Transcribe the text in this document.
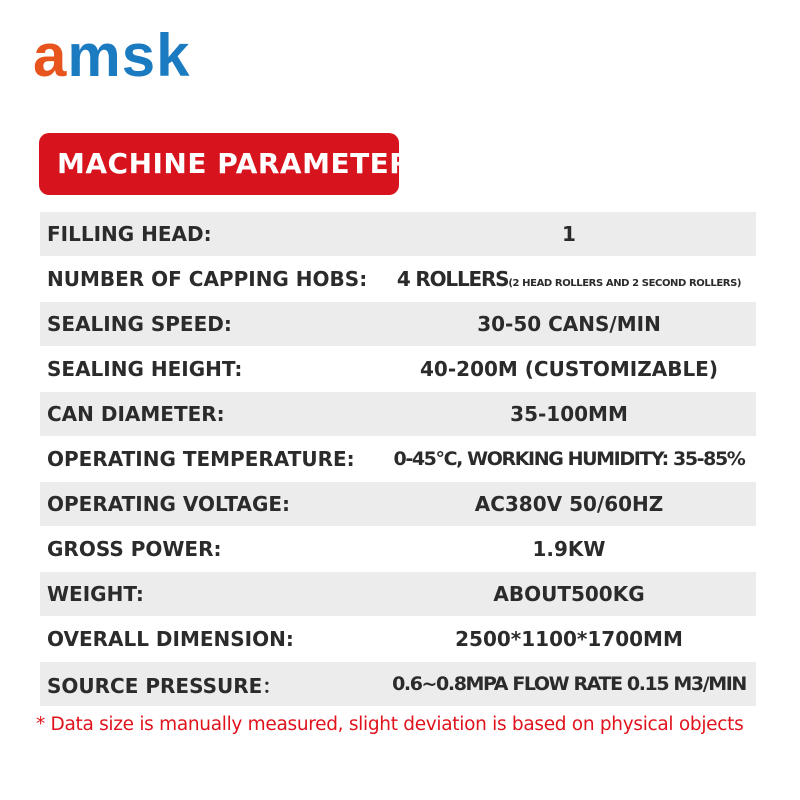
amsk
MACHINE PARAMETER
FILLING HEAD:	1
NUMBER OF CAPPING HOBS:	4 ROLLERS(2 HEAD ROLLERS AND 2 SECOND ROLLERS)
SEALING SPEED:	30-50 CANS/MIN
SEALING HEIGHT:	40-200M (CUSTOMIZABLE)
CAN DIAMETER:	35-100MM
OPERATING TEMPERATURE:	0-45°C, WORKING HUMIDITY: 35-85%
OPERATING VOLTAGE:	AC380V 50/60HZ
GROSS POWER:	1.9KW
WEIGHT:	ABOUT500KG
OVERALL DIMENSION:	2500*1100*1700MM
SOURCE PRESSURE：	0.6~0.8MPA FLOW RATE 0.15 M3/MIN
* Data size is manually measured, slight deviation is based on physical objects
